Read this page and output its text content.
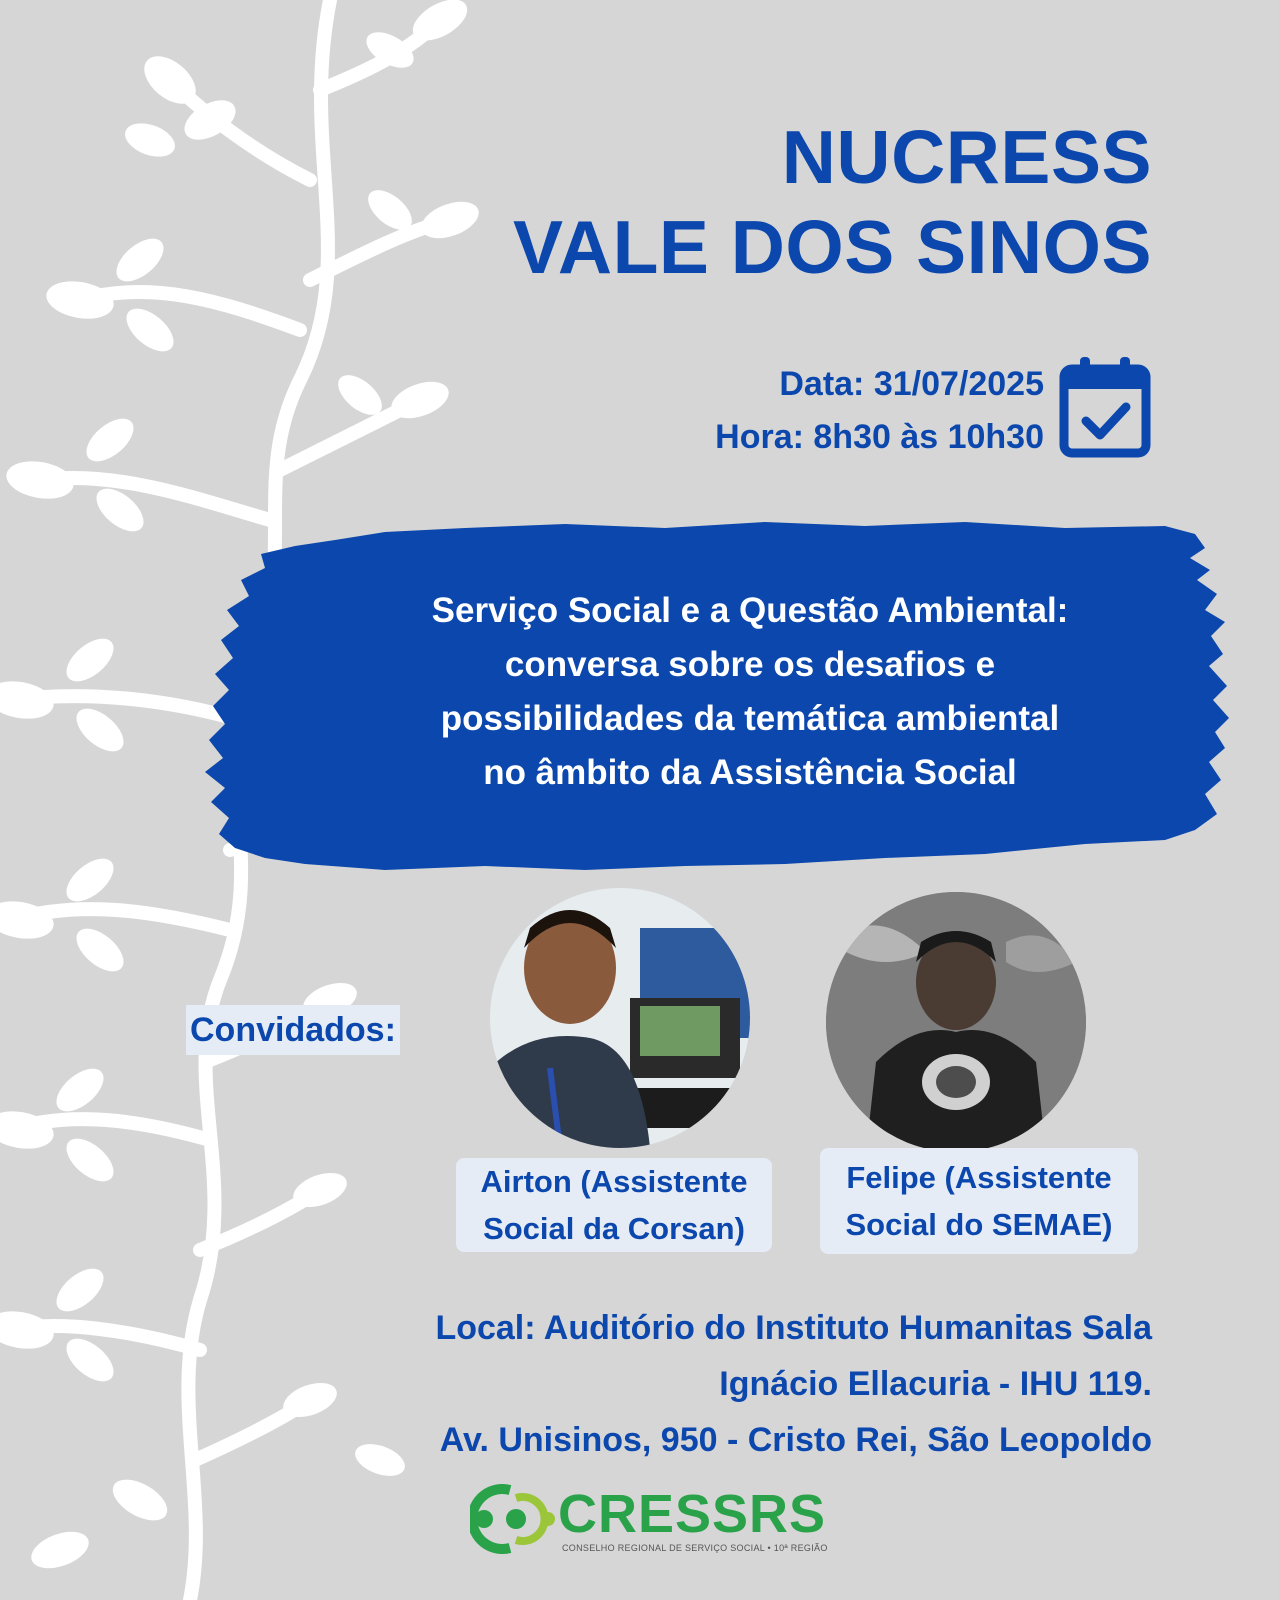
NUCRESS
VALE DOS SINOS
Data: 31/07/2025
Hora: 8h30 às 10h30
Serviço Social e a Questão Ambiental:
conversa sobre os desafios e
possibilidades da temática ambiental
no âmbito da Assistência Social
Convidados:
Airton (Assistente
Social da Corsan)
Felipe (Assistente
Social do SEMAE)
Local: Auditório do Instituto Humanitas Sala
Ignácio Ellacuria - IHU 119.
Av. Unisinos, 950 - Cristo Rei, São Leopoldo
CRESSRS
CONSELHO REGIONAL DE SERVIÇO SOCIAL • 10ª REGIÃO
